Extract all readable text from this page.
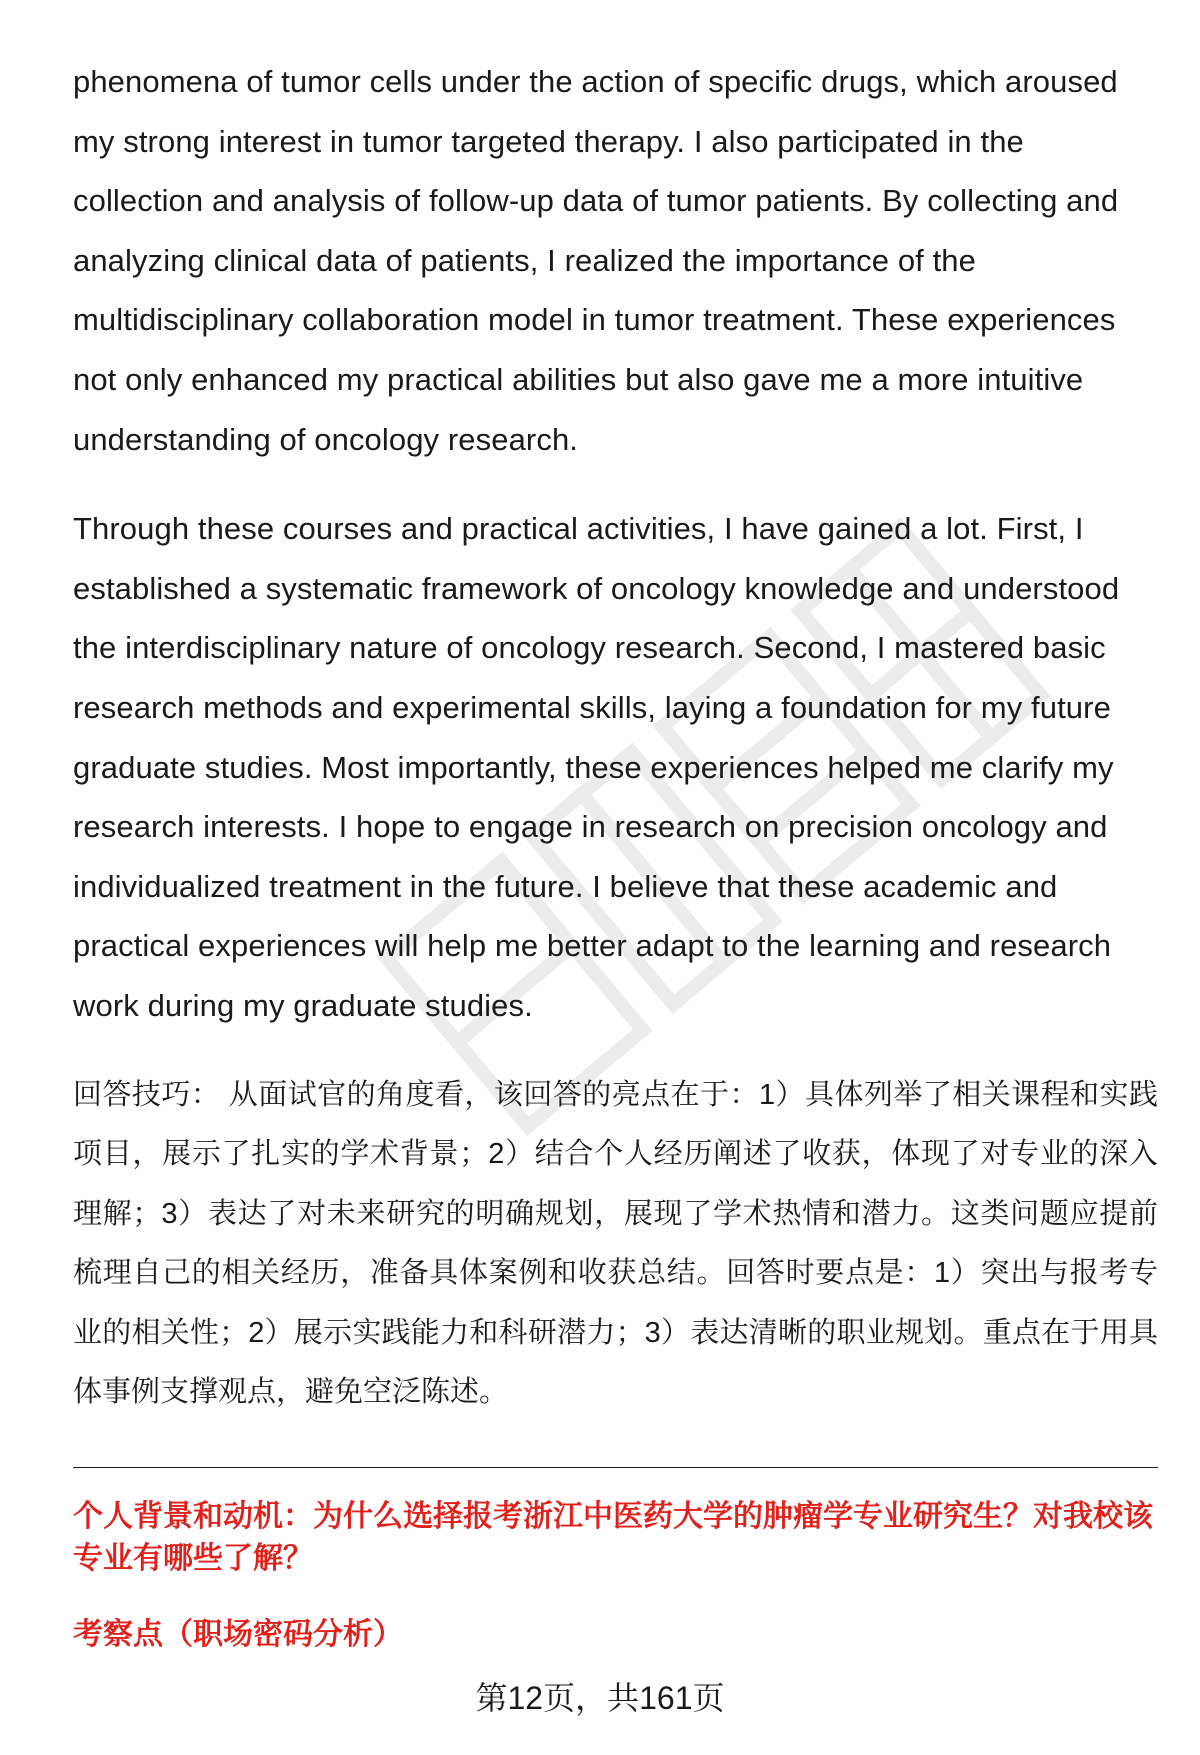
phenomena of tumor cells under the action of specific drugs, which aroused my strong interest in tumor targeted therapy. I also participated in the collection and analysis of follow-up data of tumor patients. By collecting and analyzing clinical data of patients, I realized the importance of the multidisciplinary collaboration model in tumor treatment. These experiences not only enhanced my practical abilities but also gave me a more intuitive understanding of oncology research.

Through these courses and practical activities, I have gained a lot. First, I established a systematic framework of oncology knowledge and understood the interdisciplinary nature of oncology research. Second, I mastered basic research methods and experimental skills, laying a foundation for my future graduate studies. Most importantly, these experiences helped me clarify my research interests. I hope to engage in research on precision oncology and individualized treatment in the future. I believe that these academic and practical experiences will help me better adapt to the learning and research work during my graduate studies.

回答技巧： 从面试官的角度看，该回答的亮点在于：1）具体列举了相关课程和实践项目，展示了扎实的学术背景；2）结合个人经历阐述了收获，体现了对专业的深入理解；3）表达了对未来研究的明确规划，展现了学术热情和潜力。这类问题应提前梳理自己的相关经历，准备具体案例和收获总结。回答时要点是：1）突出与报考专业的相关性；2）展示实践能力和科研潜力；3）表达清晰的职业规划。重点在于用具体事例支撑观点，避免空泛陈述。

个人背景和动机：为什么选择报考浙江中医药大学的肿瘤学专业研究生？对我校该专业有哪些了解？
考察点（职场密码分析）
第12页，共161页
